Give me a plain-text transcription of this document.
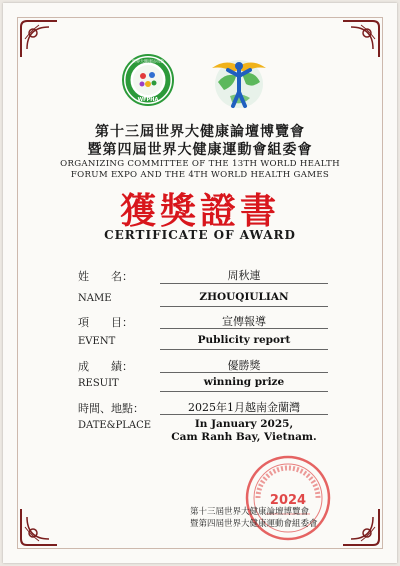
世界大健康运动会
WFPHA
第十三屆世界大健康論壇博覽會
暨第四屆世界大健康運動會組委會
ORGANIZING COMMITTEE OF THE 13TH WORLD HEALTH
FORUM EXPO AND THE 4TH WORLD HEALTH GAMES
獲獎證書
CERTIFICATE OF AWARD
姓　　名：	周秋連
NAME	ZHOUQIULIAN
項　　目：	宣傳報導
EVENT	Publicity report
成　　績：	優勝獎
RESUIT	winning prize
時間、地點：	2025年1月越南金蘭灣
DATE&PLACE	In January 2025,
Cam Ranh Bay, Vietnam.
2024
第十三屆世界大健康論壇博覽會
暨第四屆世界大健康運動會組委會
